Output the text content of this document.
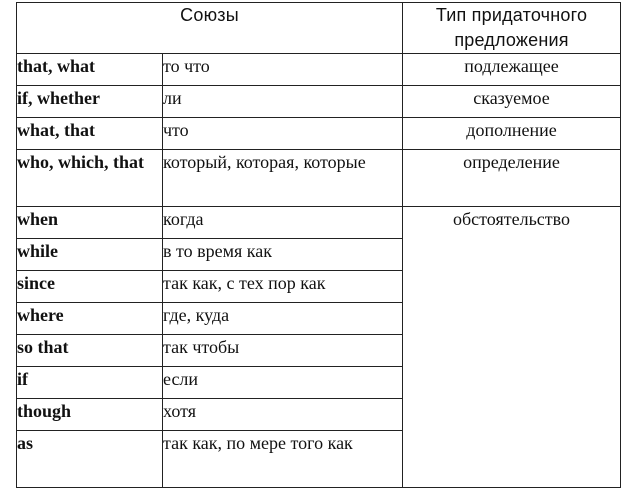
Союзы		Тип придаточного предложения
that, what	то что	подлежащее
if, whether	ли	сказуемое
what, that	что	дополнение
who, which, that	который, которая, которые	определение
when	когда	обстоятельство
while	в то время как	
since	так как, с тех пор как	
where	где, куда	
so that	так чтобы	
if	если	
though	хотя	
as	так как, по мере того как	
